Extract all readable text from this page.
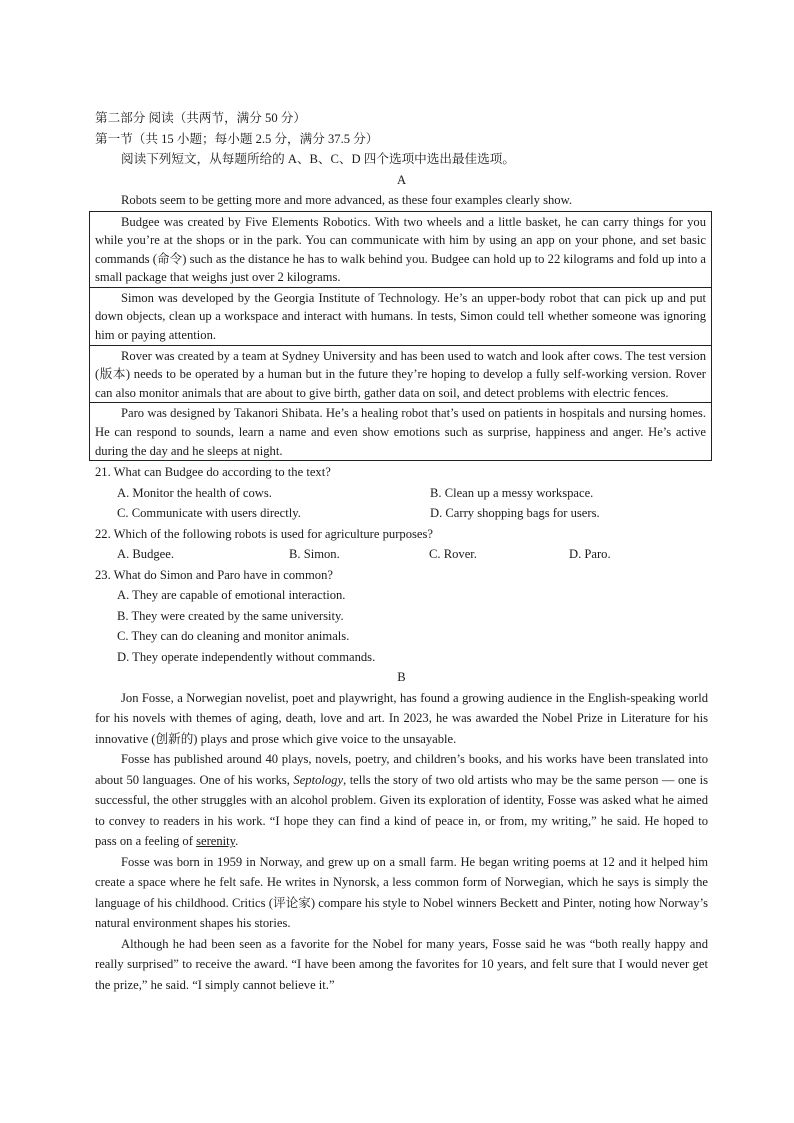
第二部分 阅读（共两节，满分 50 分）

第一节（共 15 小题；每小题 2.5 分，满分 37.5 分）

阅读下列短文，从每题所给的 A、B、C、D 四个选项中选出最佳选项。

A

Robots seem to be getting more and more advanced, as these four examples clearly show.

Budgee was created by Five Elements Robotics. With two wheels and a little basket, he can carry things for you while you’re at the shops or in the park. You can communicate with him by using an app on your phone, and set basic commands (命令) such as the distance he has to walk behind you. Budgee can hold up to 22 kilograms and fold up into a small package that weighs just over 2 kilograms.
Simon was developed by the Georgia Institute of Technology. He’s an upper-body robot that can pick up and put down objects, clean up a workspace and interact with humans. In tests, Simon could tell whether someone was ignoring him or paying attention.
Rover was created by a team at Sydney University and has been used to watch and look after cows. The test version (版本) needs to be operated by a human but in the future they’re hoping to develop a fully self-working version. Rover can also monitor animals that are about to give birth, gather data on soil, and detect problems with electric fences.
Paro was designed by Takanori Shibata. He’s a healing robot that’s used on patients in hospitals and nursing homes. He can respond to sounds, learn a name and even show emotions such as surprise, happiness and anger. He’s active during the day and he sleeps at night.

21. What can Budgee do according to the text?

A. Monitor the health of cows.	B. Clean up a messy workspace.
C. Communicate with users directly.	D. Carry shopping bags for users.

22. Which of the following robots is used for agriculture purposes?

A. Budgee.	B. Simon.	C. Rover.	D. Paro.

23. What do Simon and Paro have in common?

A. They are capable of emotional interaction.

B. They were created by the same university.

C. They can do cleaning and monitor animals.

D. They operate independently without commands.

B

Jon Fosse, a Norwegian novelist, poet and playwright, has found a growing audience in the English-speaking world for his novels with themes of aging, death, love and art. In 2023, he was awarded the Nobel Prize in Literature for his innovative (创新的) plays and prose which give voice to the unsayable.

Fosse has published around 40 plays, novels, poetry, and children’s books, and his works have been translated into about 50 languages. One of his works, Septology, tells the story of two old artists who may be the same person — one is successful, the other struggles with an alcohol problem. Given its exploration of identity, Fosse was asked what he aimed to convey to readers in his work. “I hope they can find a kind of peace in, or from, my writing,” he said. He hoped to pass on a feeling of serenity.

Fosse was born in 1959 in Norway, and grew up on a small farm. He began writing poems at 12 and it helped him create a space where he felt safe. He writes in Nynorsk, a less common form of Norwegian, which he says is simply the language of his childhood. Critics (评论家) compare his style to Nobel winners Beckett and Pinter, noting how Norway’s natural environment shapes his stories.

Although he had been seen as a favorite for the Nobel for many years, Fosse said he was “both really happy and really surprised” to receive the award. “I have been among the favorites for 10 years, and felt sure that I would never get the prize,” he said. “I simply cannot believe it.”
